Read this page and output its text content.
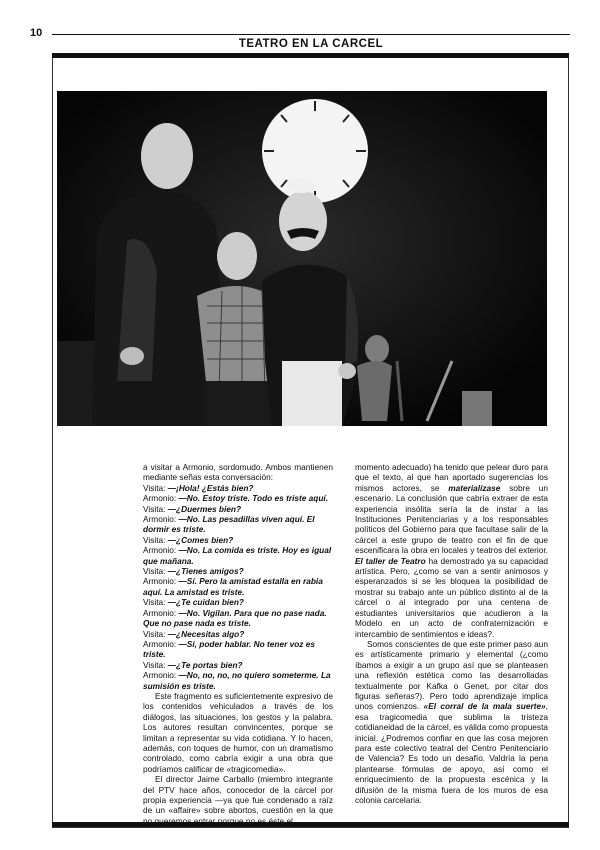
10
TEATRO EN LA CARCEL

a visitar a Armonio, sordomudo. Ambos mantienen mediante señas esta conversación:

Visita: —¡Hola! ¿Estás bien?

Armonio: —No. Estoy triste. Todo es triste aquí.

Visita: —¿Duermes bien?

Armonio: —No. Las pesadillas viven aquí. El dormir es triste.

Visita: —¿Comes bien?

Armonio: —No. La comida es triste. Hoy es igual que mañana.

Visita: —¿Tienes amigos?

Armonio: —Sí. Pero la amistad estalla en rabia aquí. La amistad es triste.

Visita: —¿Te cuidan bien?

Armonio: —No. Vigilan. Para que no pase nada. Que no pase nada es triste.

Visita: —¿Necesitas algo?

Armonio: —Sí, poder hablar. No tener voz es triste.

Visita: —¿Te portas bien?

Armonio: —No, no, no, no quiero someterme. La sumisión es triste.

Este fragmento es suficientemente expresivo de los contenidos vehiculados a través de los diálogos, las situaciones, los gestos y la palabra. Los autores resultan convincentes, porque se limitan a representar su vida cotidiana. Y lo hacen, además, con toques de humor, con un dramatismo controlado, como cabría exigir a una obra que podríamos calificar de «tragicomedia».

El director Jaime Carballo (miembro integrante del PTV hace años, conocedor de la cárcel por propia experiencia —ya que fue condenado a raíz de un «affaire» sobre abortos, cuestión en la que no queremos entrar porque no es éste el

momento adecuado) ha tenido que pelear duro para que el texto, al que han aportado sugerencias los mismos actores, se materializase sobre un escenario. La conclusión que cabría extraer de esta experiencia insólita sería la de instar a las Instituciones Penitenciarias y a los responsables políticos del Gobierno para que facultase salir de la cárcel a este grupo de teatro con el fin de que escenificara la obra en locales y teatros del exterior. El taller de Teatro ha demostrado ya su capacidad artística. Pero, ¿como se van a sentir animosos y esperanzados si se les bloquea la posibilidad de mostrar su trabajo ante un público distinto al de la cárcel o al integrado por una centena de estudiantes universitarios que acudieron a la Modelo en un acto de confraternización e intercambio de sentimientos e ideas?.

Somos conscientes de que este primer paso aun es artísticamente primario y elemental (¿como íbamos a exigir a un grupo así que se planteasen una reflexión estética como las desarrolladas textualmente por Kafka o Genet, por citar dos figuras señeras?). Pero todo aprendizaje implica unos comienzos. «El corral de la mala suerte», esa tragicomedia que sublima la tristeza cotidianeidad de la cárcel, es válida como propuesta inicial. ¿Podremos confiar en que las cosa mejoren para este colectivo teatral del Centro Penitenciario de Valencia? Es todo un desafío. Valdría la pena plantearse fórmulas de apoyo, así como el enriquecimiento de la propuesta escénica y la difusión de la misma fuera de los muros de esa colonia carcelaria.
